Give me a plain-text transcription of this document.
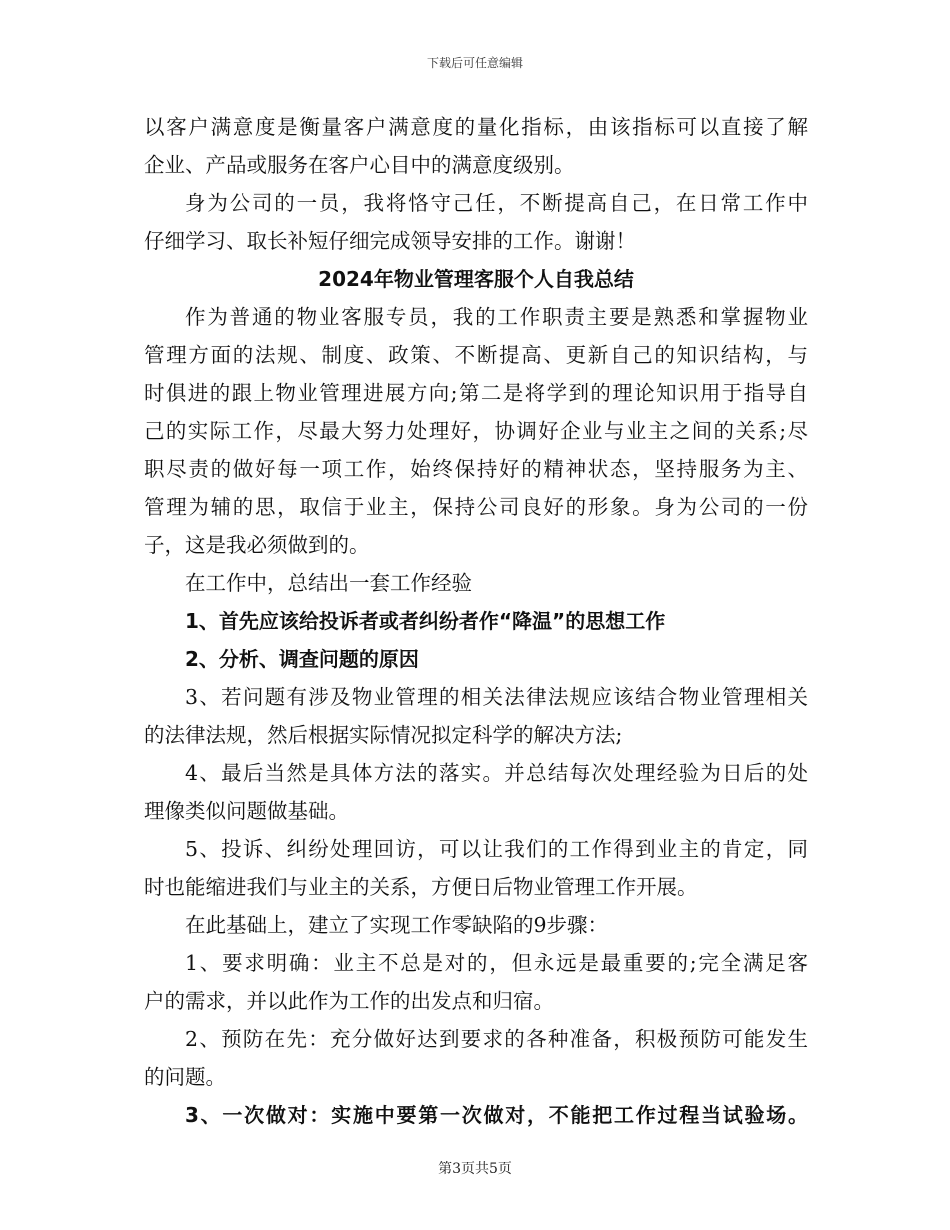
下载后可任意编辑
以客户满意度是衡量客户满意度的量化指标，由该指标可以直接了解
企业、产品或服务在客户心目中的满意度级别。
身为公司的一员，我将恪守己任，不断提高自己，在日常工作中
仔细学习、取长补短仔细完成领导安排的工作。谢谢！
2024年物业管理客服个人自我总结
作为普通的物业客服专员，我的工作职责主要是熟悉和掌握物业
管理方面的法规、制度、政策、不断提高、更新自己的知识结构，与
时俱进的跟上物业管理进展方向;第二是将学到的理论知识用于指导自
己的实际工作，尽最大努力处理好，协调好企业与业主之间的关系;尽
职尽责的做好每一项工作，始终保持好的精神状态，坚持服务为主、
管理为辅的思，取信于业主，保持公司良好的形象。身为公司的一份
子，这是我必须做到的。
在工作中，总结出一套工作经验
1、首先应该给投诉者或者纠纷者作“降温”的思想工作
2、分析、调查问题的原因
3、若问题有涉及物业管理的相关法律法规应该结合物业管理相关
的法律法规，然后根据实际情况拟定科学的解决方法;
4、最后当然是具体方法的落实。并总结每次处理经验为日后的处
理像类似问题做基础。
5、投诉、纠纷处理回访，可以让我们的工作得到业主的肯定，同
时也能缩进我们与业主的关系，方便日后物业管理工作开展。
在此基础上，建立了实现工作零缺陷的9步骤：
1、要求明确：业主不总是对的，但永远是最重要的;完全满足客
户的需求，并以此作为工作的出发点和归宿。
2、预防在先：充分做好达到要求的各种准备，积极预防可能发生
的问题。
3、一次做对：实施中要第一次做对，不能把工作过程当试验场。
第3页共5页
